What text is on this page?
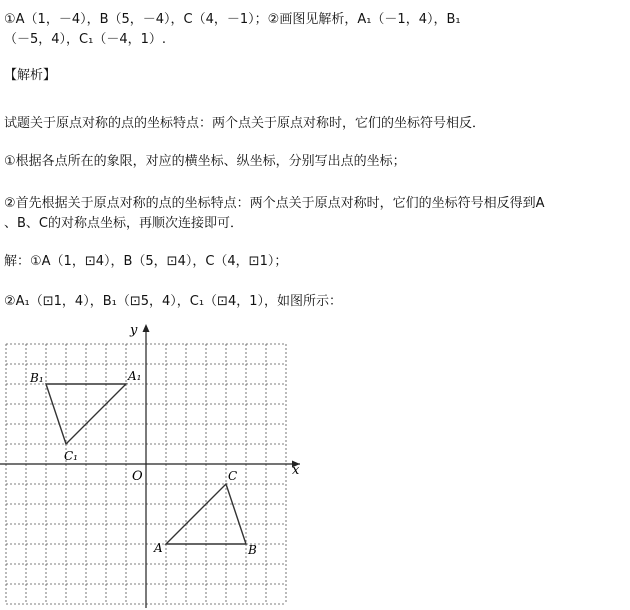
①A（1，－4），B（5，－4），C（4，－1）；②画图见解析，A₁（－1，4），B₁
（－5，4），C₁（－4，1）.
【解析】
试题关于原点对称的点的坐标特点：两个点关于原点对称时，它们的坐标符号相反．
①根据各点所在的象限，对应的横坐标、纵坐标，分别写出点的坐标；
②首先根据关于原点对称的点的坐标特点：两个点关于原点对称时，它们的坐标符号相反得到A
、B、C的对称点坐标，再顺次连接即可．
解：①A（1，⊡4），B（5，⊡4），C（4，⊡1）；
②A₁（⊡1，4），B₁（⊡5，4），C₁（⊡4，1），如图所示：
x
y
O
A	B
C
A₁
B₁
C₁
